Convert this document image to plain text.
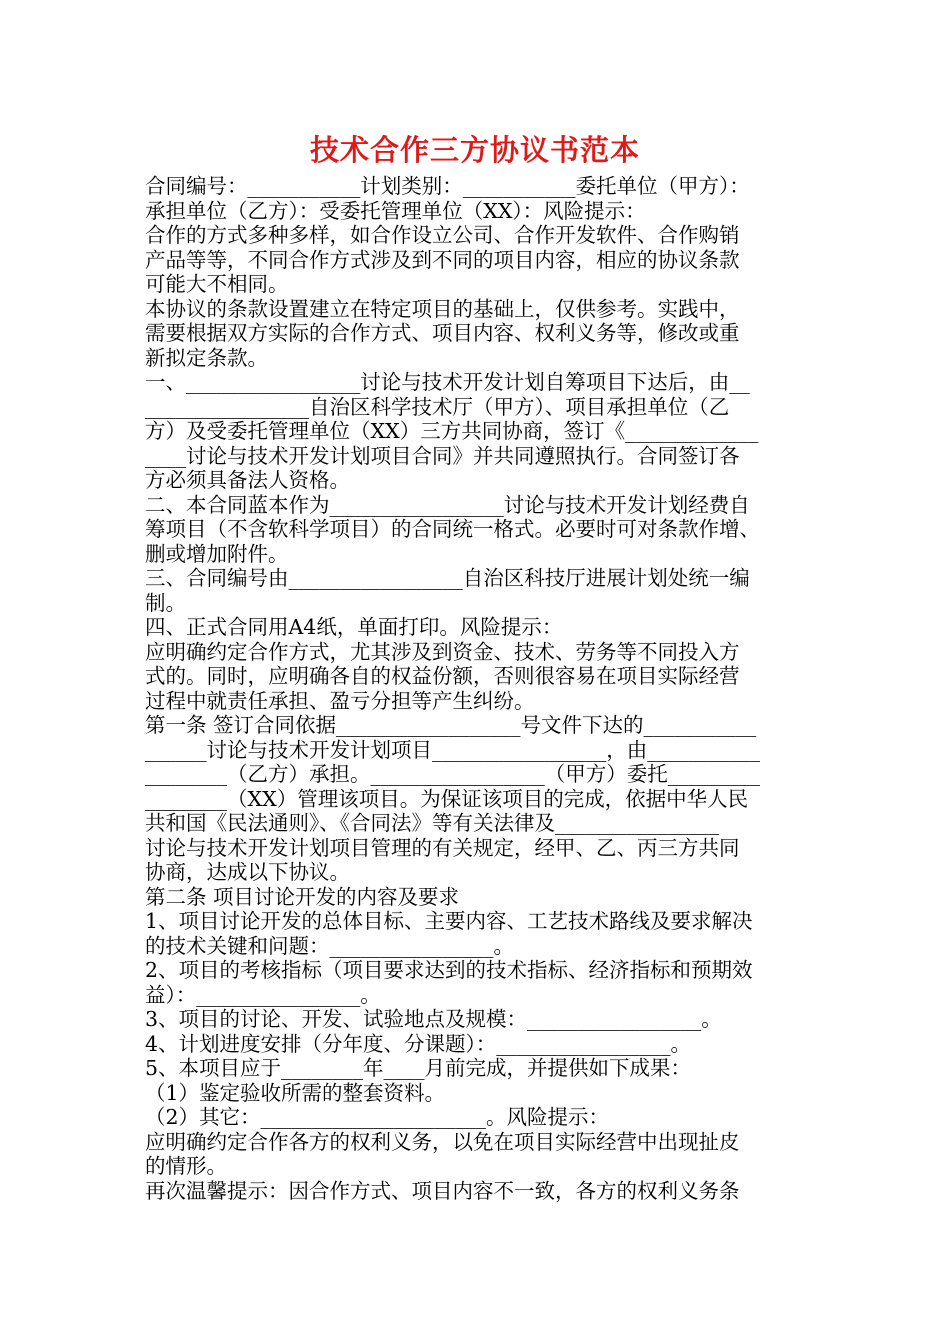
技术合作三方协议书范本
合同编号：___________计划类别：___________委托单位（甲方）：
承担单位（乙方）：受委托管理单位（XX）：风险提示：
合作的方式多种多样，如合作设立公司、合作开发软件、合作购销
产品等等，不同合作方式涉及到不同的项目内容，相应的协议条款
可能大不相同。
本协议的条款设置建立在特定项目的基础上，仅供参考。实践中，
需要根据双方实际的合作方式、项目内容、权利义务等，修改或重
新拟定条款。
一、_________________讨论与技术开发计划自筹项目下达后，由__
________________自治区科学技术厅（甲方）、项目承担单位（乙
方）及受委托管理单位（XX）三方共同协商，签订《_____________
____讨论与技术开发计划项目合同》并共同遵照执行。合同签订各
方必须具备法人资格。
二、本合同蓝本作为_________________讨论与技术开发计划经费自
筹项目（不含软科学项目）的合同统一格式。必要时可对条款作增、
删或增加附件。
三、合同编号由_________________自治区科技厅进展计划处统一编
制。
四、正式合同用A4纸，单面打印。风险提示：
应明确约定合作方式，尤其涉及到资金、技术、劳务等不同投入方
式的。同时，应明确各自的权益份额，否则很容易在项目实际经营
过程中就责任承担、盈亏分担等产生纠纷。
第一条 签订合同依据__________________号文件下达的___________
______讨论与技术开发计划项目_________________，由___________
________（乙方）承担。_________________（甲方）委托_________
________（XX）管理该项目。为保证该项目的完成，依据中华人民
共和国《民法通则》、《合同法》等有关法律及________________
讨论与技术开发计划项目管理的有关规定，经甲、乙、丙三方共同
协商，达成以下协议。
第二条 项目讨论开发的内容及要求
1、项目讨论开发的总体目标、主要内容、工艺技术路线及要求解决
的技术关键和问题：________________。
2、项目的考核指标（项目要求达到的技术指标、经济指标和预期效
益）：________________。
3、项目的讨论、开发、试验地点及规模：_________________。
4、计划进度安排（分年度、分课题）：_________________。
5、本项目应于________年____月前完成，并提供如下成果：
（1）鉴定验收所需的整套资料。
（2）其它：______________________。风险提示：
应明确约定合作各方的权利义务，以免在项目实际经营中出现扯皮
的情形。
再次温馨提示：因合作方式、项目内容不一致，各方的权利义务条
